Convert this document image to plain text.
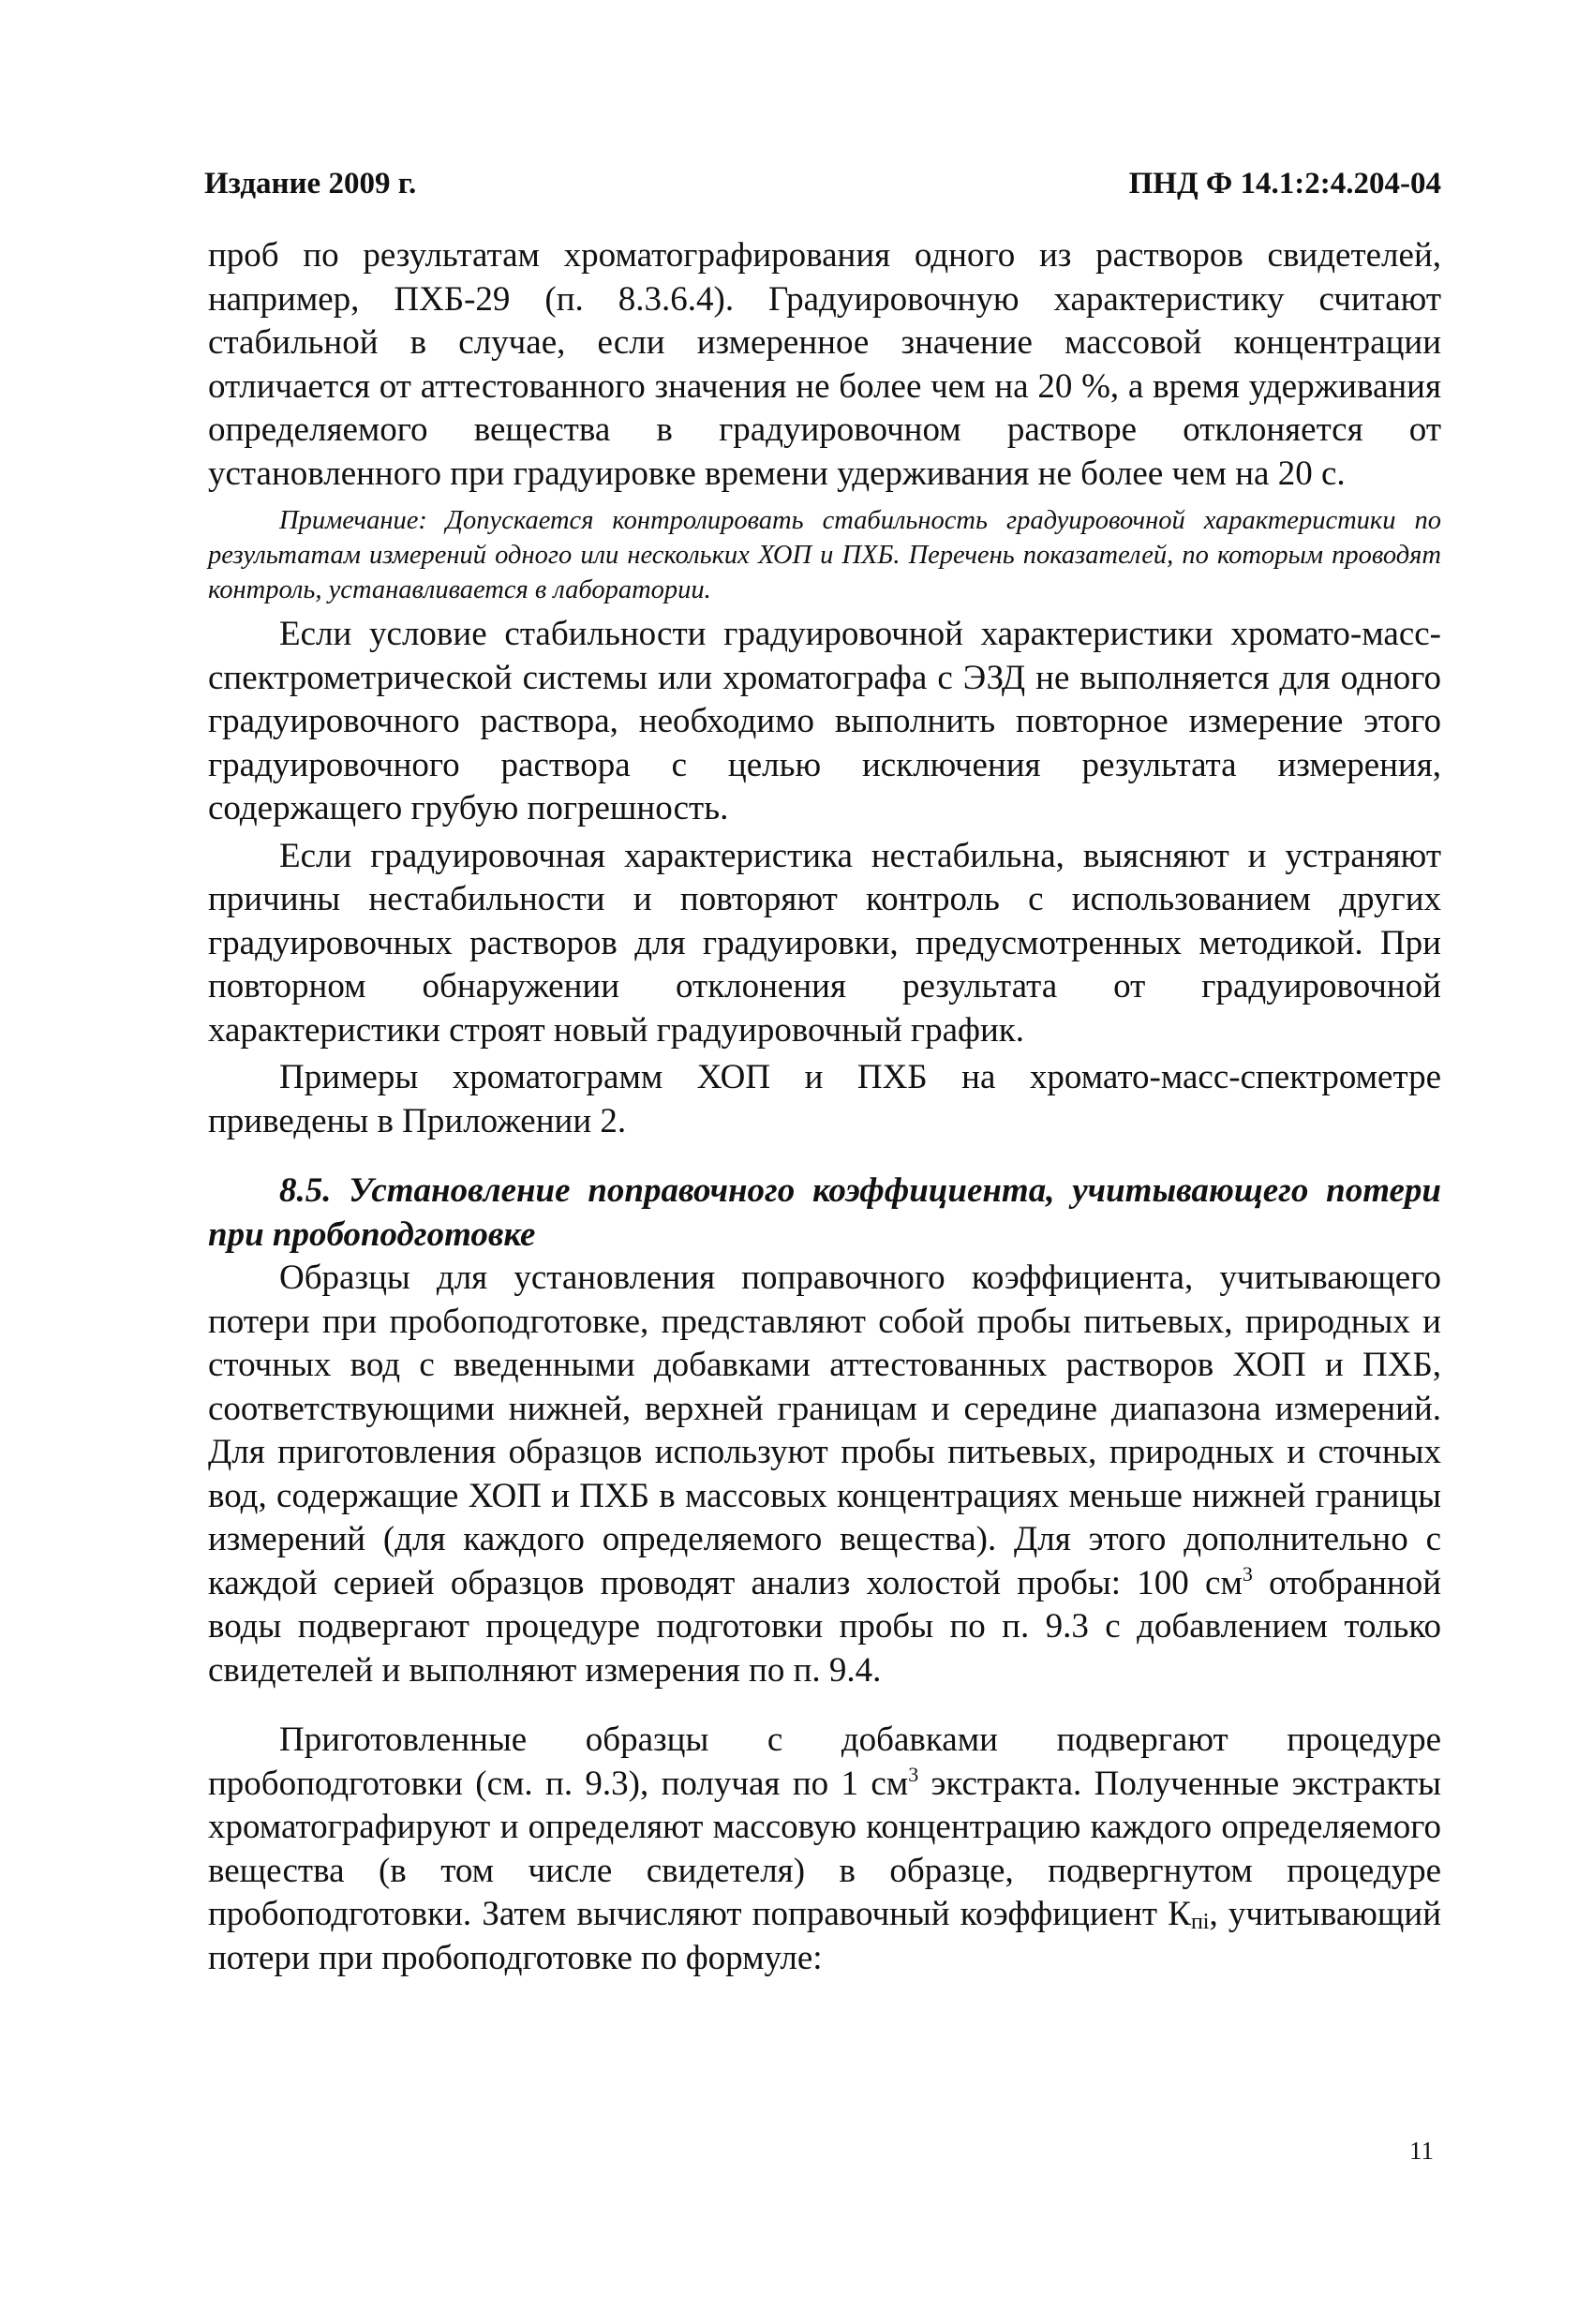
Издание 2009 г.	ПНД Ф 14.1:2:4.204-04

проб по результатам хроматографирования одного из растворов свидетелей, например, ПХБ-29 (п. 8.3.6.4). Градуировочную характеристику считают стабильной в случае, если измеренное значение массовой концентрации отличается от аттестованного значения не более чем на 20 %, а время удерживания определяемого вещества в градуировочном растворе отклоняется от установленного при градуировке времени удерживания не более чем на 20 с.

Примечание: Допускается контролировать стабильность градуировочной характеристики по результатам измерений одного или нескольких ХОП и ПХБ. Перечень показателей, по которым проводят контроль, устанавливается в лаборатории.

Если условие стабильности градуировочной характеристики хромато-масс-спектрометрической системы или хроматографа с ЭЗД не выполняется для одного градуировочного раствора, необходимо выполнить повторное измерение этого градуировочного раствора с целью исключения результата измерения, содержащего грубую погрешность.

Если градуировочная характеристика нестабильна, выясняют и устраняют причины нестабильности и повторяют контроль с использованием других градуировочных растворов для градуировки, предусмотренных методикой. При повторном обнаружении отклонения результата от градуировочной характеристики строят новый градуировочный график.

Примеры хроматограмм ХОП и ПХБ на хромато-масс-спектрометре приведены в Приложении 2.

8.5. Установление поправочного коэффициента, учитывающего потери при пробоподготовке

Образцы для установления поправочного коэффициента, учитывающего потери при пробоподготовке, представляют собой пробы питьевых, природных и сточных вод с введенными добавками аттестованных растворов ХОП и ПХБ, соответствующими нижней, верхней границам и середине диапазона измерений. Для приготовления образцов используют пробы питьевых, природных и сточных вод, содержащие ХОП и ПХБ в массовых концентрациях меньше нижней границы измерений (для каждого определяемого вещества). Для этого дополнительно с каждой серией образцов проводят анализ холостой пробы: 100 $см^3$ отобранной воды подвергают процедуре подготовки пробы по п. 9.3 с добавлением только свидетелей и выполняют измерения по п. 9.4.

Приготовленные образцы с добавками подвергают процедуре пробоподготовки (см. п. 9.3), получая по 1 $см^3$ экстракта. Полученные экстракты хроматографируют и определяют массовую концентрацию каждого определяемого вещества (в том числе свидетеля) в образце, подвергнутом процедуре пробоподготовки. Затем вычисляют поправочный коэффициент $К_{пi}$, учитывающий потери при пробоподготовке по формуле:

11
